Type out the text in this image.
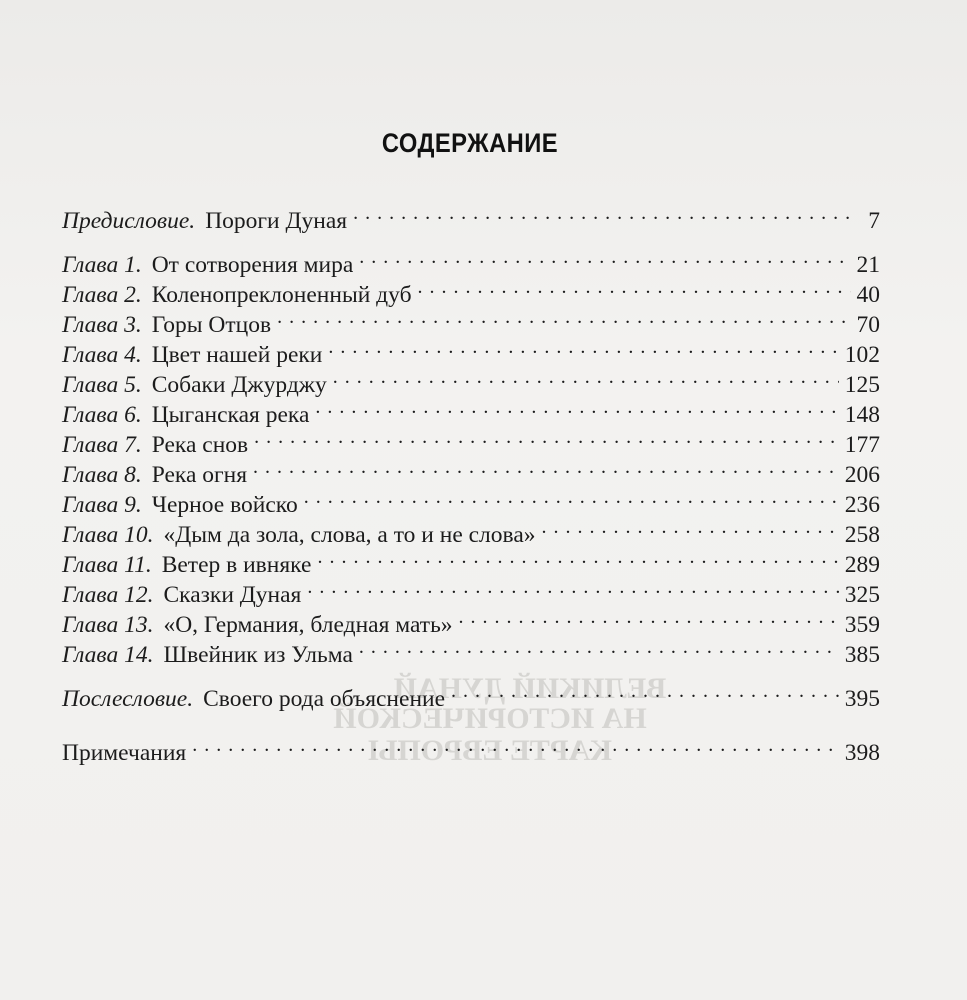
ВЕЛИКИЙ ДУНАЙ
НА ИСТОРИЧЕСКОЙ
КАРТЕ ЕВРОПЫ
СОДЕРЖАНИЕ
Предисловие. Пороги Дуная . . .	7
Глава 1. От сотворения мира . . .	21
Глава 2. Коленопреклоненный дуб . . .	40
Глава 3. Горы Отцов . . .	70
Глава 4. Цвет нашей реки . . .	102
Глава 5. Собаки Джурджу . . .	125
Глава 6. Цыганская река . . .	148
Глава 7. Река снов . . .	177
Глава 8. Река огня . . .	206
Глава 9. Черное войско . . .	236
Глава 10. «Дым да зола, слова, а то и не слова» . . .	258
Глава 11. Ветер в ивняке . . .	289
Глава 12. Сказки Дуная . . .	325
Глава 13. «О, Германия, бледная мать» . . .	359
Глава 14. Швейник из Ульма . . .	385
Послесловие. Своего рода объяснение . . .	395
Примечания . . .	398
